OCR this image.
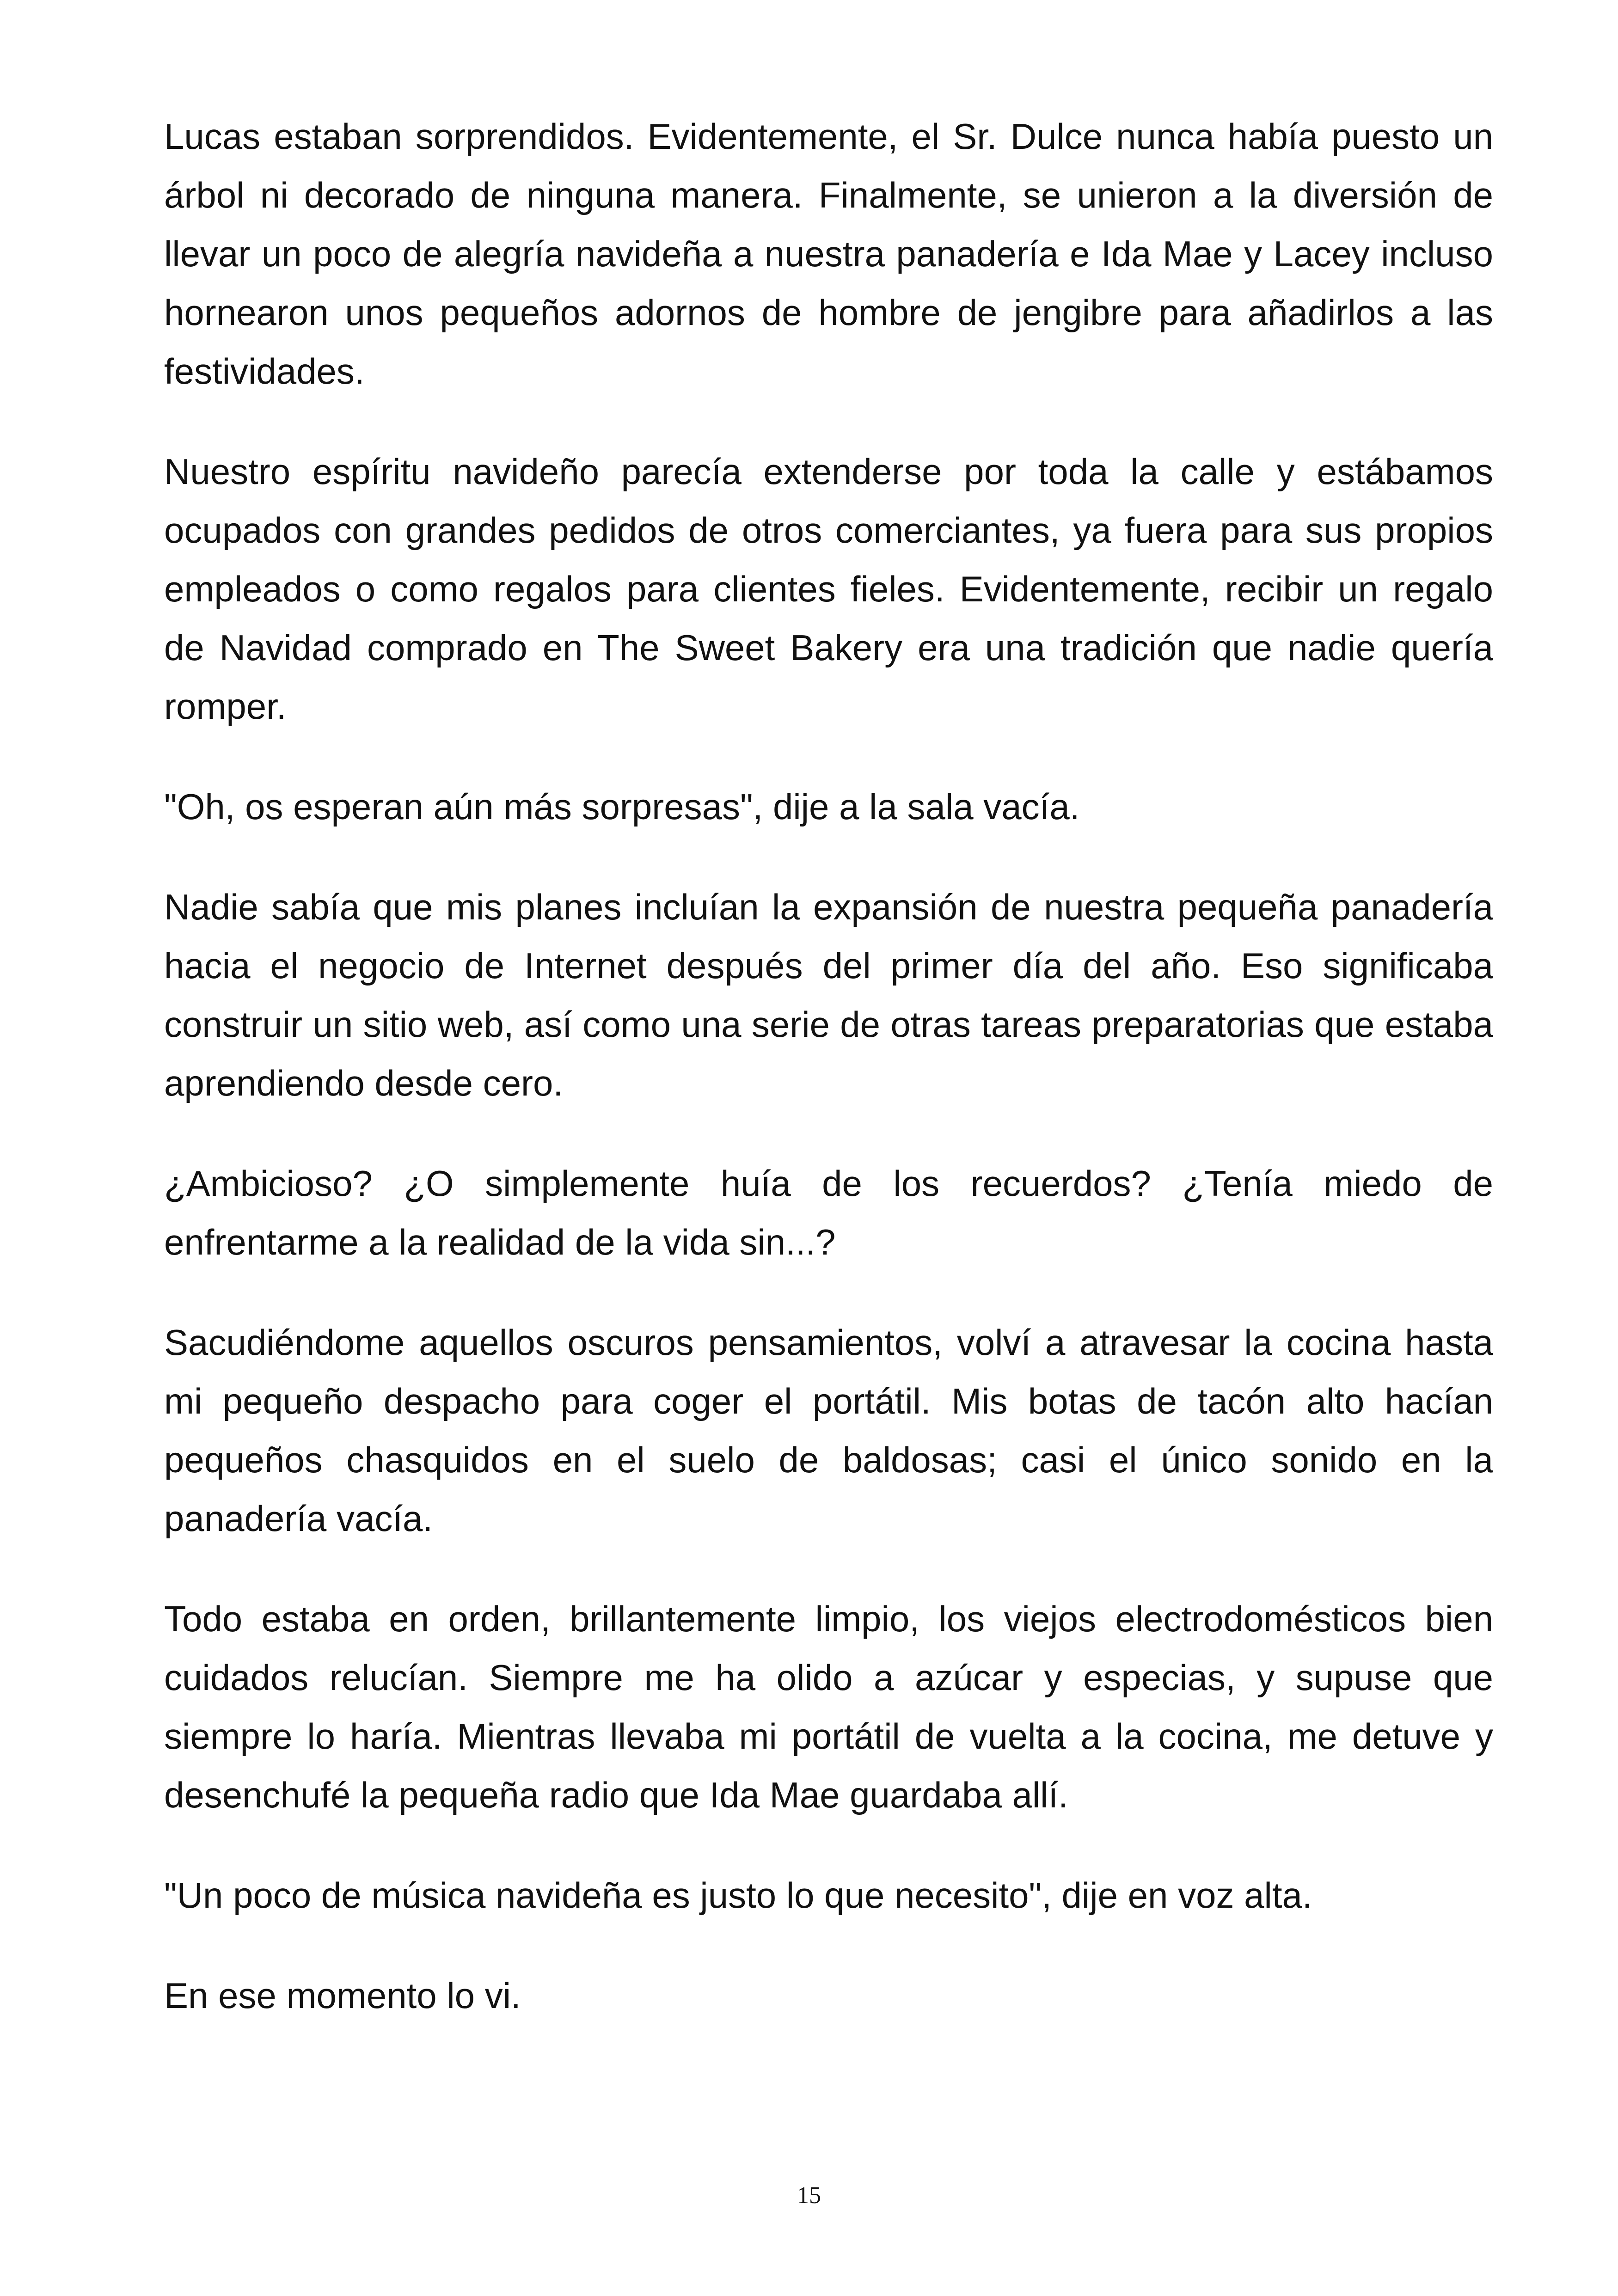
Lucas estaban sorprendidos. Evidentemente, el Sr. Dulce nunca había puesto un árbol ni decorado de ninguna manera. Finalmente, se unieron a la diversión de llevar un poco de alegría navideña a nuestra panadería e Ida Mae y Lacey incluso hornearon unos pequeños adornos de hombre de jengibre para añadirlos a las festividades.

Nuestro espíritu navideño parecía extenderse por toda la calle y estábamos ocupados con grandes pedidos de otros comerciantes, ya fuera para sus propios empleados o como regalos para clientes fieles. Evidentemente, recibir un regalo de Navidad comprado en The Sweet Bakery era una tradición que nadie quería romper.

"Oh, os esperan aún más sorpresas", dije a la sala vacía.

Nadie sabía que mis planes incluían la expansión de nuestra pequeña panadería hacia el negocio de Internet después del primer día del año. Eso significaba construir un sitio web, así como una serie de otras tareas preparatorias que estaba aprendiendo desde cero.

¿Ambicioso? ¿O simplemente huía de los recuerdos? ¿Tenía miedo de enfrentarme a la realidad de la vida sin...?

Sacudiéndome aquellos oscuros pensamientos, volví a atravesar la cocina hasta mi pequeño despacho para coger el portátil. Mis botas de tacón alto hacían pequeños chasquidos en el suelo de baldosas; casi el único sonido en la panadería vacía.

Todo estaba en orden, brillantemente limpio, los viejos electrodomésticos bien cuidados relucían. Siempre me ha olido a azúcar y especias, y supuse que siempre lo haría. Mientras llevaba mi portátil de vuelta a la cocina, me detuve y desenchufé la pequeña radio que Ida Mae guardaba allí.

"Un poco de música navideña es justo lo que necesito", dije en voz alta.

En ese momento lo vi.

15
